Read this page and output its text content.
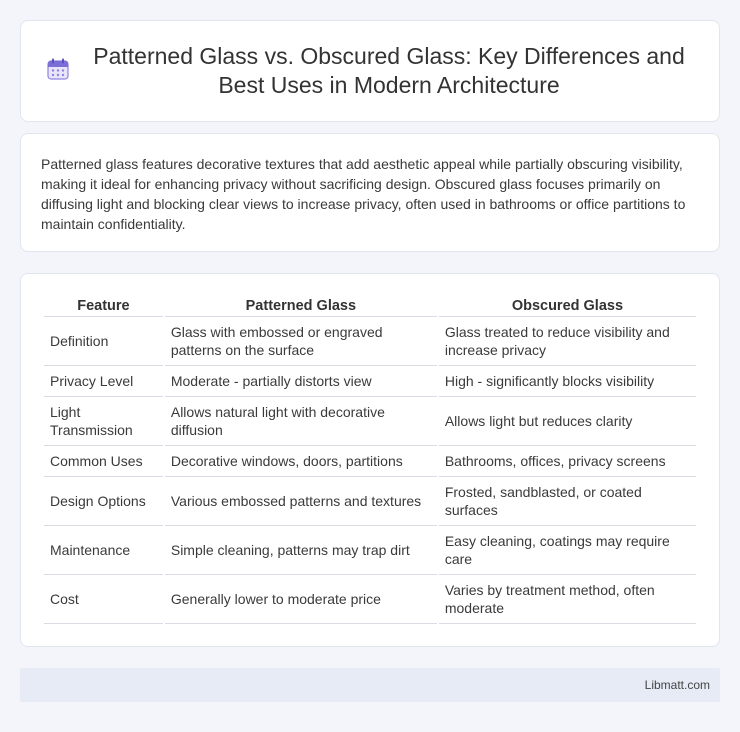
Patterned Glass vs. Obscured Glass: Key Differences and Best Uses in Modern Architecture

Patterned glass features decorative textures that add aesthetic appeal while partially obscuring visibility, making it ideal for enhancing privacy without sacrificing design. Obscured glass focuses primarily on diffusing light and blocking clear views to increase privacy, often used in bathrooms or office partitions to maintain confidentiality.

Feature	Patterned Glass	Obscured Glass
Definition	Glass with embossed or engraved patterns on the surface	Glass treated to reduce visibility and increase privacy
Privacy Level	Moderate - partially distorts view	High - significantly blocks visibility
Light Transmission	Allows natural light with decorative diffusion	Allows light but reduces clarity
Common Uses	Decorative windows, doors, partitions	Bathrooms, offices, privacy screens
Design Options	Various embossed patterns and textures	Frosted, sandblasted, or coated surfaces
Maintenance	Simple cleaning, patterns may trap dirt	Easy cleaning, coatings may require care
Cost	Generally lower to moderate price	Varies by treatment method, often moderate
Libmatt.com
